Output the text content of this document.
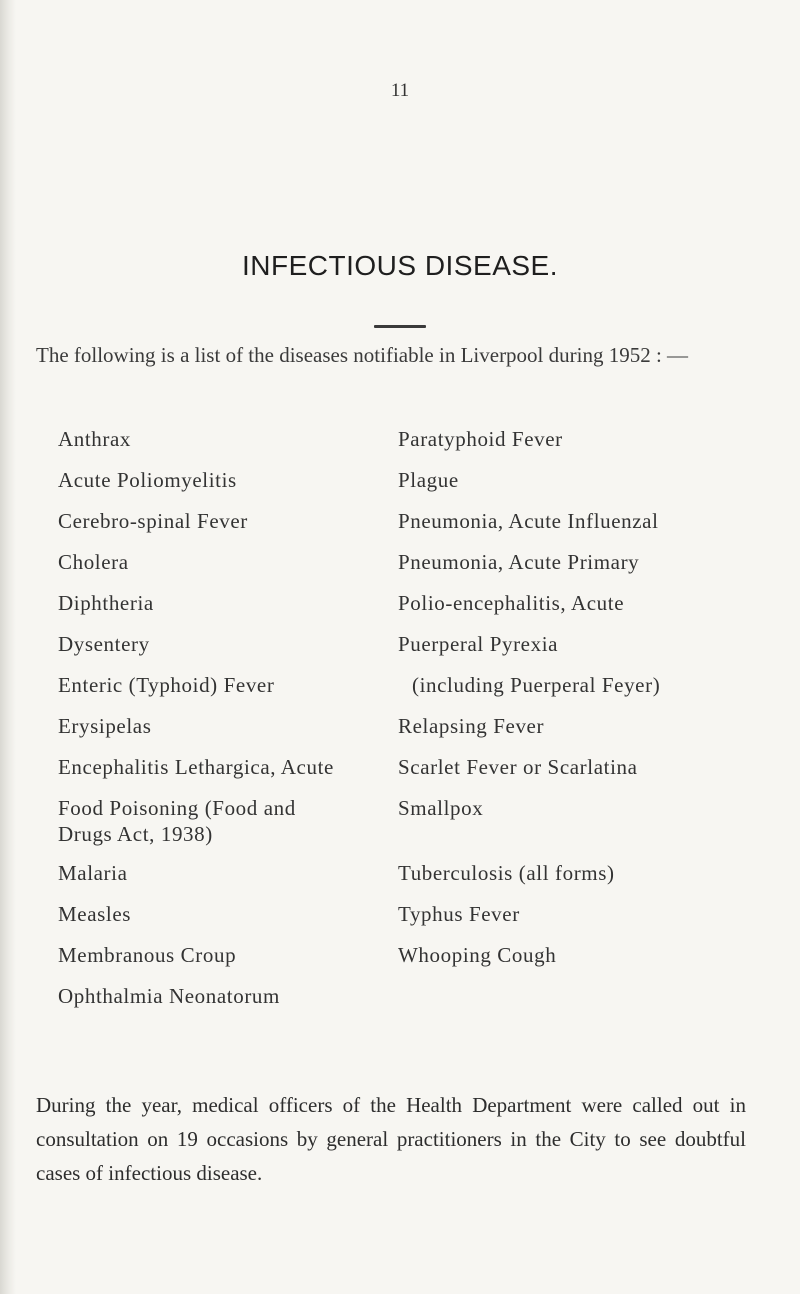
11
INFECTIOUS DISEASE.
The following is a list of the diseases notifiable in Liverpool during 1952 : —
Anthrax
Acute Poliomyelitis
Cerebro-spinal Fever
Cholera
Diphtheria
Dysentery
Enteric (Typhoid) Fever
Erysipelas
Encephalitis Lethargica, Acute
Food Poisoning (Food and Drugs Act, 1938)
Malaria
Measles
Membranous Croup
Ophthalmia Neonatorum
Paratyphoid Fever
Plague
Pneumonia, Acute Influenzal
Pneumonia, Acute Primary
Polio-encephalitis, Acute
Puerperal Pyrexia
(including Puerperal Feyer)
Relapsing Fever
Scarlet Fever or Scarlatina
Smallpox
Tuberculosis (all forms)
Typhus Fever
Whooping Cough
During the year, medical officers of the Health Department were called out in consultation on 19 occasions by general practitioners in the City to see doubtful cases of infectious disease.
